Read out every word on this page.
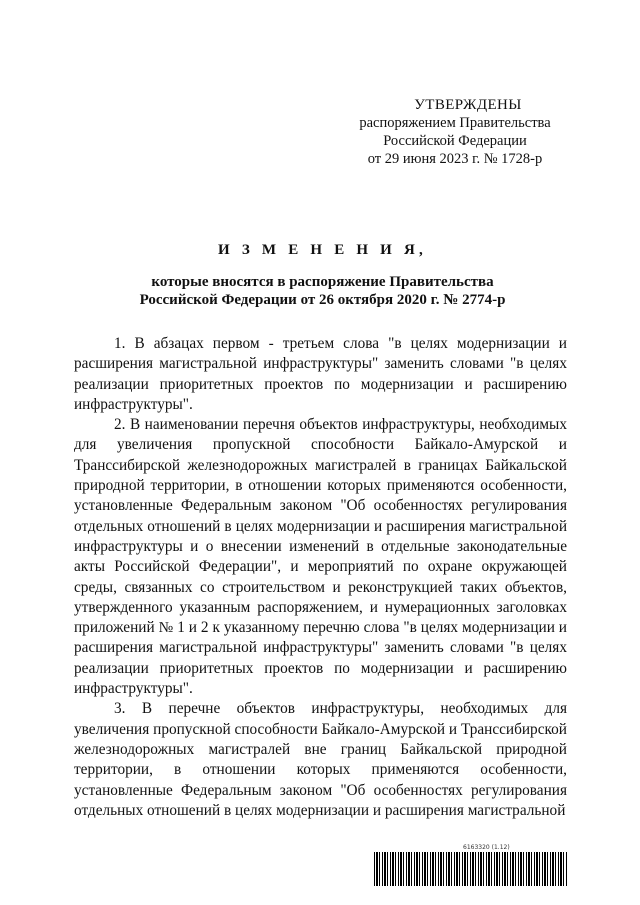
УТВЕРЖДЕНЫ
распоряжением Правительства
Российской Федерации
от 29 июня 2023 г. № 1728-р
И З М Е Н Е Н И Я,
которые вносятся в распоряжение Правительства
Российской Федерации от 26 октября 2020 г. № 2774-р

1. В абзацах первом - третьем слова "в целях модернизации и расширения магистральной инфраструктуры" заменить словами "в целях реализации приоритетных проектов по модернизации и расширению инфраструктуры".

2. В наименовании перечня объектов инфраструктуры, необходимых для увеличения пропускной способности Байкало-Амурской и Транссибирской железнодорожных магистралей в границах Байкальской природной территории, в отношении которых применяются особенности, установленные Федеральным законом "Об особенностях регулирования отдельных отношений в целях модернизации и расширения магистральной инфраструктуры и о внесении изменений в отдельные законодательные акты Российской Федерации", и мероприятий по охране окружающей среды, связанных со строительством и реконструкцией таких объектов, утвержденного указанным распоряжением, и нумерационных заголовках приложений № 1 и 2 к указанному перечню слова "в целях модернизации и расширения магистральной инфраструктуры" заменить словами "в целях реализации приоритетных проектов по модернизации и расширению инфраструктуры".

3. В перечне объектов инфраструктуры, необходимых для увеличения пропускной способности Байкало-Амурской и Транссибирской железнодорожных магистралей вне границ Байкальской природной территории, в отношении которых применяются особенности, установленные Федеральным законом "Об особенностях регулирования отдельных отношений в целях модернизации и расширения магистральной

6163320 (1.12)
